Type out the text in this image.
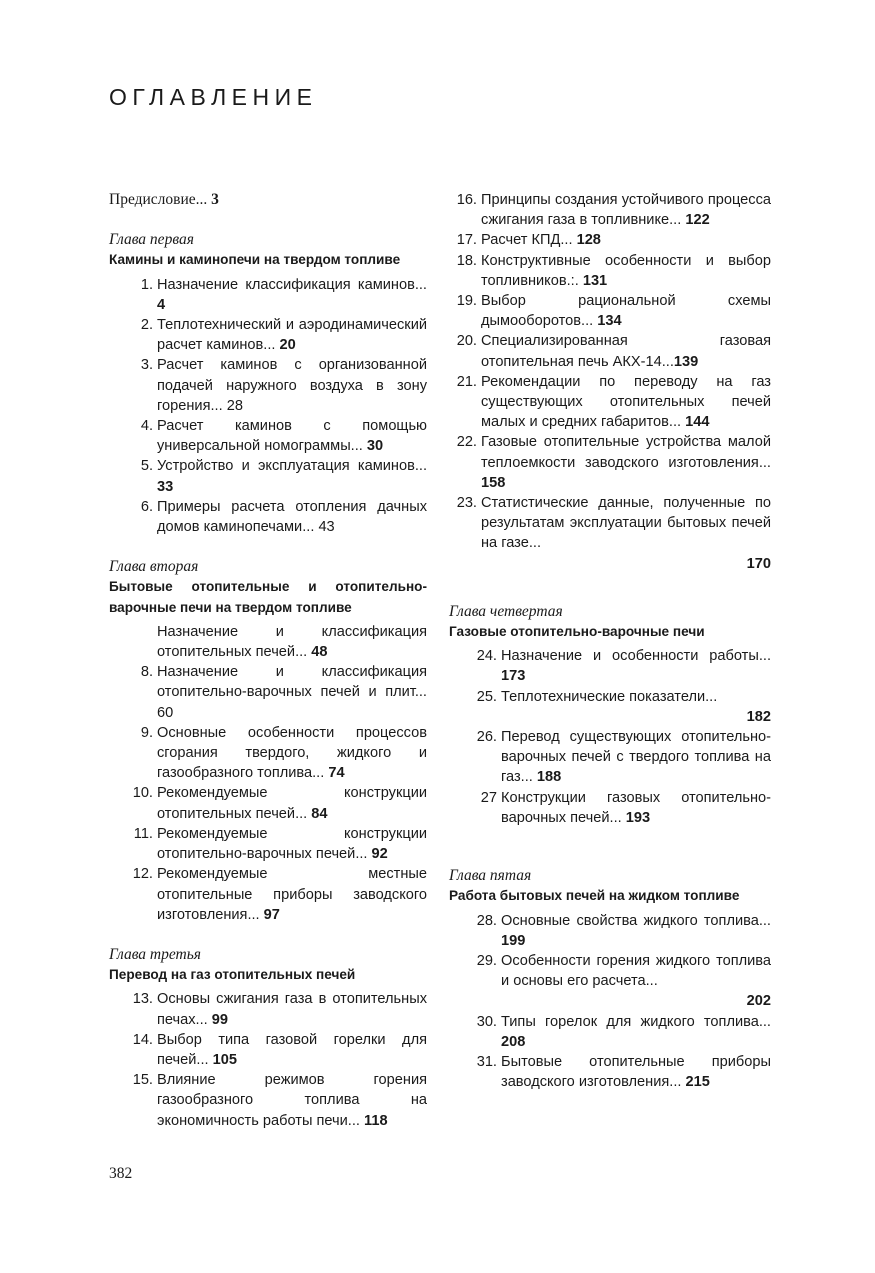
ОГЛАВЛЕНИЕ

Предисловие... 3

Глава первая
Камины и каминопечи на твердом топливе
1. Назначение классификация каминов... 4
2. Теплотехнический и аэродинамический расчет каминов... 20
3. Расчет каминов с организованной подачей наружного воздуха в зону горения... 28
4. Расчет каминов с помощью универсальной номограммы... 30
5. Устройство и эксплуатация каминов... 33
6. Примеры расчета отопления дачных домов каминопечами... 43
Глава вторая
Бытовые отопительные и отопительно-варочные печи на твердом топливе
Назначение и классификация отопительных печей... 48
8. Назначение и классификация отопительно-варочных печей и плит... 60
9. Основные особенности процессов сгорания твердого, жидкого и газообразного топлива... 74
10. Рекомендуемые конструкции отопительных печей... 84
11. Рекомендуемые конструкции отопительно-варочных печей... 92
12. Рекомендуемые местные отопительные приборы заводского изготовления... 97
Глава третья
Перевод на газ отопительных печей
13. Основы сжигания газа в отопительных печах... 99
14. Выбор типа газовой горелки для печей... 105
15. Влияние режимов горения газообразного топлива на экономичность работы печи... 118
16. Принципы создания устойчивого процесса сжигания газа в топливнике... 122
17. Расчет КПД... 128
18. Конструктивные особенности и выбор топливников.:. 131
19. Выбор рациональной схемы дымооборотов... 134
20. Специализированная газовая отопительная печь АКХ-14...139
21. Рекомендации по переводу на газ существующих отопительных печей малых и средних габаритов... 144
22. Газовые отопительные устройства малой теплоемкости заводского изготовления... 158
23. Статистические данные, полученные по результатам эксплуатации бытовых печей на газе...
170
Глава четвертая
Газовые отопительно-варочные печи
24. Назначение и особенности работы... 173
25. Теплотехнические показатели...
182
26. Перевод существующих отопительно-варочных печей с твердого топлива на газ... 188
27 Конструкции газовых отопительно-варочных печей... 193
Глава пятая
Работа бытовых печей на жидком топливе
28. Основные свойства жидкого топлива... 199
29. Особенности горения жидкого топлива и основы его расчета...
202
30. Типы горелок для жидкого топлива... 208
31. Бытовые отопительные приборы заводского изготовления... 215
382
